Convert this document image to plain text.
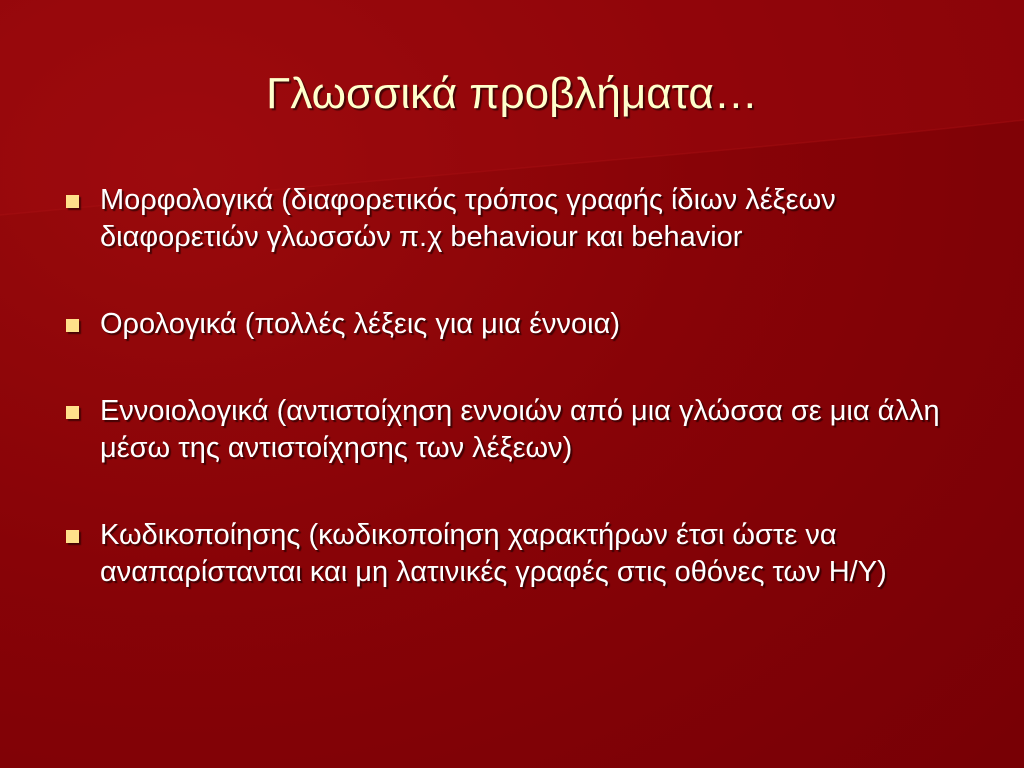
Γλωσσικά προβλήματα…
Μορφολογικά (διαφορετικός τρόπος γραφής ίδιων λέξεων διαφορετιών γλωσσών π.χ behaviour και behavior
Ορολογικά (πολλές λέξεις για μια έννοια)
Εννοιολογικά (αντιστοίχηση εννοιών από μια γλώσσα σε μια άλλη μέσω της αντιστοίχησης των λέξεων)
Κωδικοποίησης (κωδικοποίηση χαρακτήρων έτσι ώστε να αναπαρίστανται και μη λατινικές γραφές στις οθόνες των Η/Υ)
